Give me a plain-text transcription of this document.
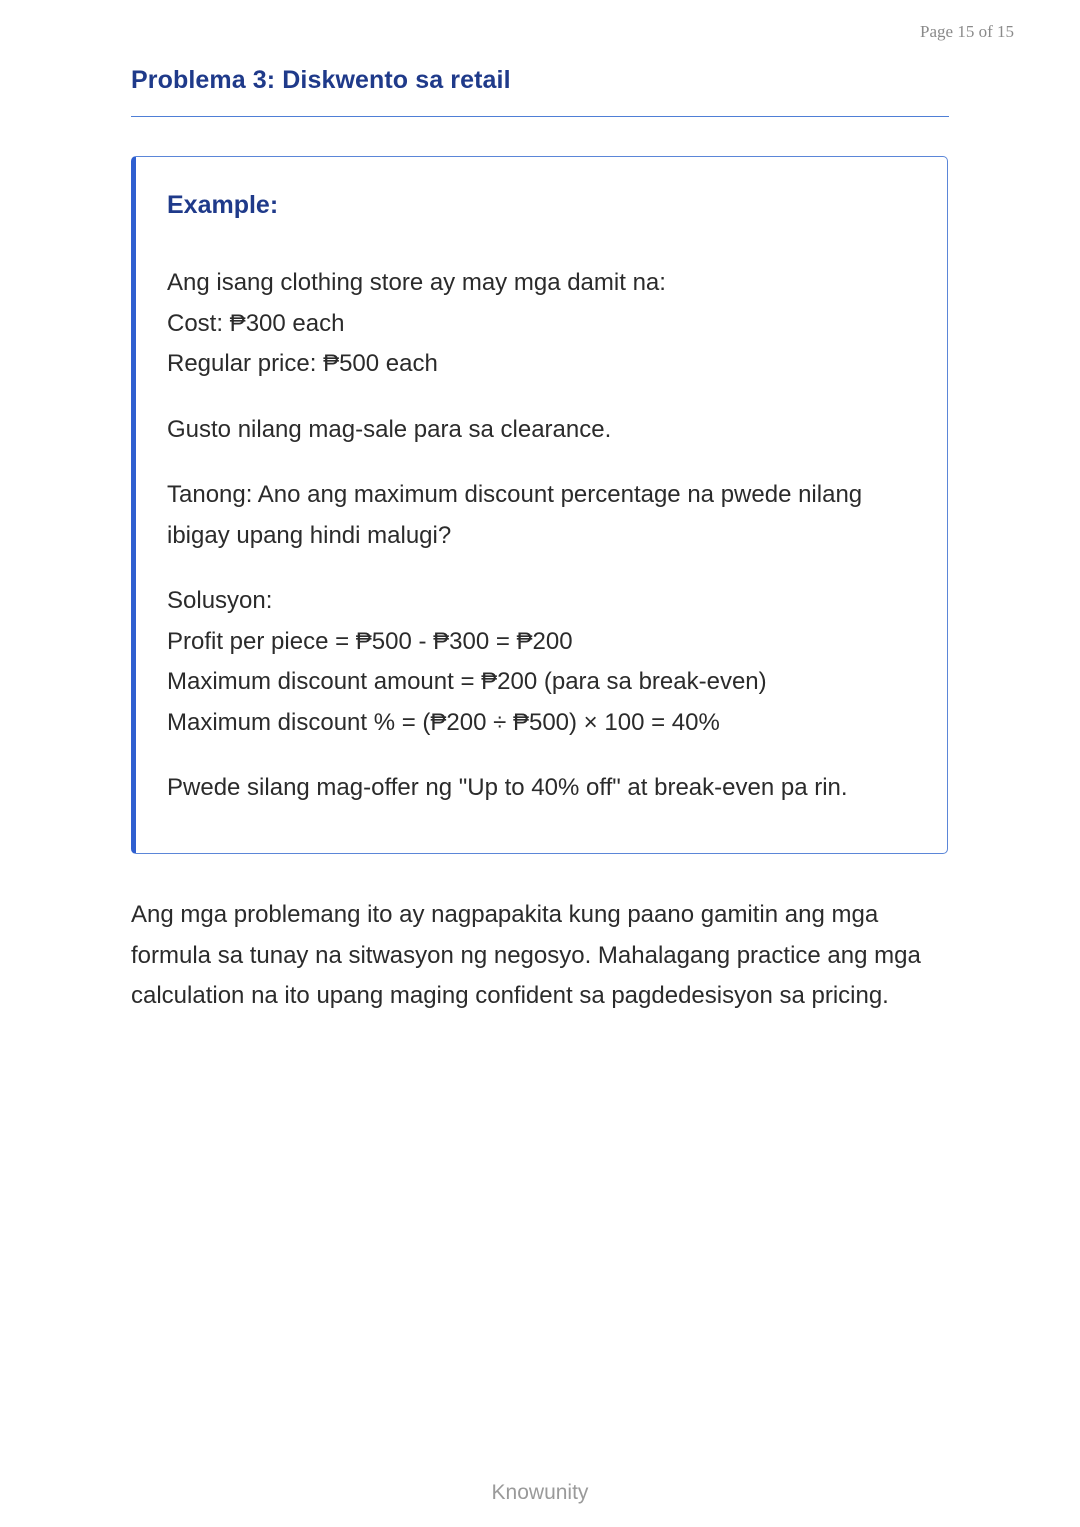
Page 15 of 15
Problema 3: Diskwento sa retail
Example:

Ang isang clothing store ay may mga damit na:
Cost: ₱300 each
Regular price: ₱500 each

Gusto nilang mag-sale para sa clearance.

Tanong: Ano ang maximum discount percentage na pwede nilang ibigay upang hindi malugi?

Solusyon:
Profit per piece = ₱500 - ₱300 = ₱200
Maximum discount amount = ₱200 (para sa break-even)
Maximum discount % = (₱200 ÷ ₱500) × 100 = 40%

Pwede silang mag-offer ng "Up to 40% off" at break-even pa rin.

Ang mga problemang ito ay nagpapakita kung paano gamitin ang mga formula sa tunay na sitwasyon ng negosyo. Mahalagang practice ang mga calculation na ito upang maging confident sa pagdedesisyon sa pricing.

Knowunity
